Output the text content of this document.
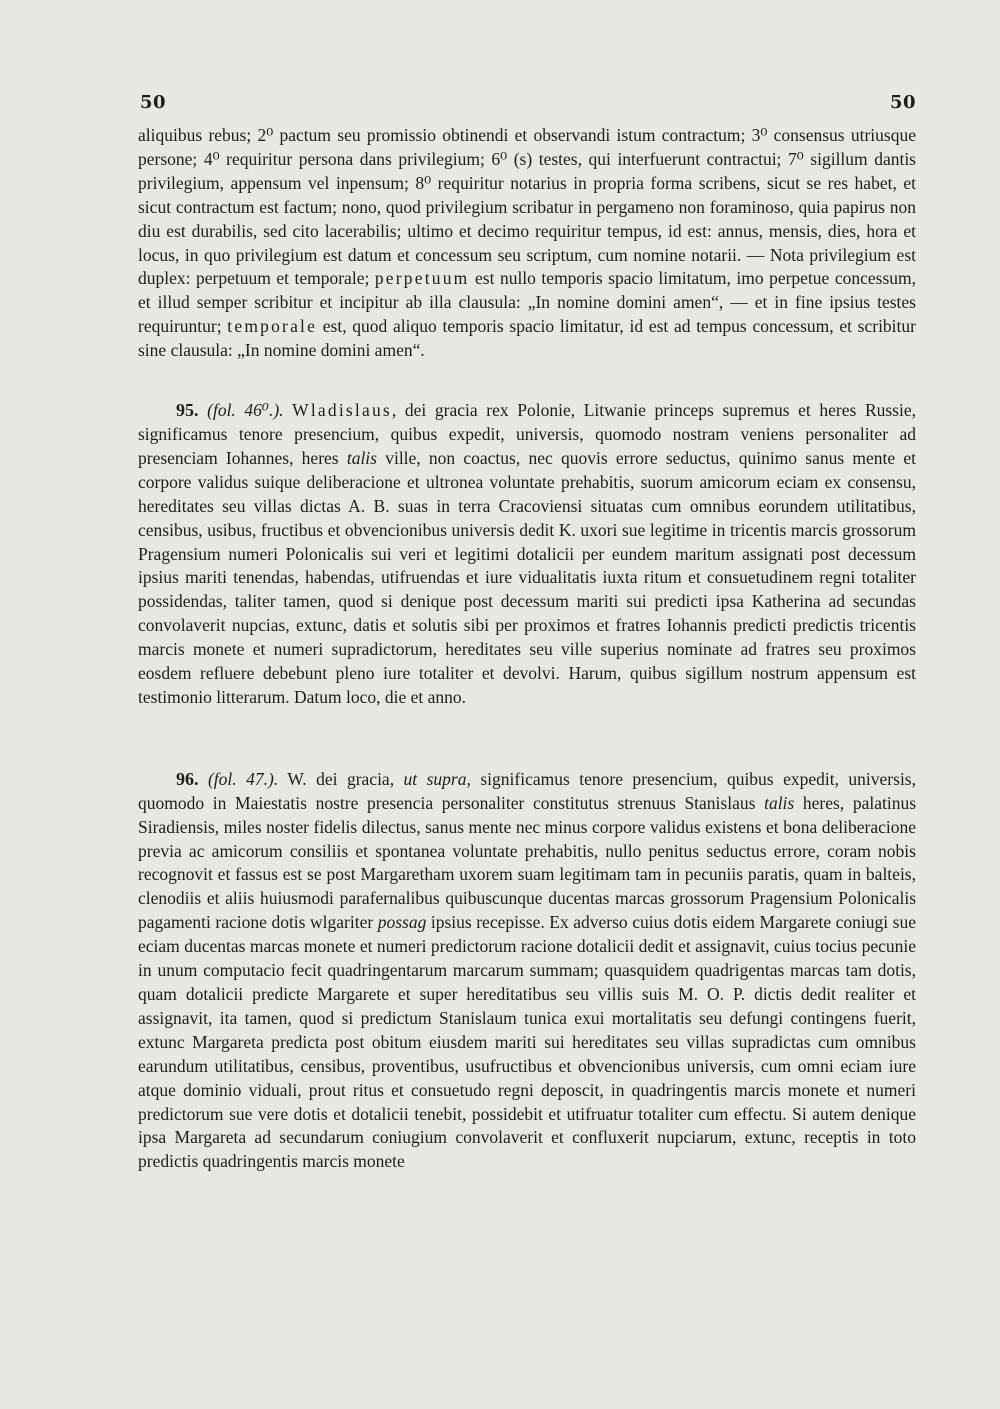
50	50

aliquibus rebus; 2⁰ pactum seu promissio obtinendi et observandi istum contractum; 3⁰ consensus utriusque persone; 4⁰ requiritur persona dans privilegium; 6⁰ (s) testes, qui interfuerunt contractui; 7⁰ sigillum dantis privilegium, appensum vel inpensum; 8⁰ requiritur notarius in propria forma scribens, sicut se res habet, et sicut contractum est factum; nono, quod privilegium scribatur in pergameno non foraminoso, quia papirus non diu est durabilis, sed cito lacerabilis; ultimo et decimo requiritur tempus, id est: annus, mensis, dies, hora et locus, in quo privilegium est datum et concessum seu scriptum, cum nomine notarii. — Nota privilegium est duplex: perpetuum et temporale; perpetuum est nullo temporis spacio limitatum, imo perpetue concessum, et illud semper scribitur et incipitur ab illa clausula: „In nomine domini amen“, — et in fine ipsius testes requiruntur; temporale est, quod aliquo temporis spacio limitatur, id est ad tempus concessum, et scribitur sine clausula: „In nomine domini amen“.

95. (fol. 46⁰.). Wladislaus, dei gracia rex Polonie, Litwanie princeps supremus et heres Russie, significamus tenore presencium, quibus expedit, universis, quomodo nostram veniens personaliter ad presenciam Iohannes, heres talis ville, non coactus, nec quovis errore seductus, quinimo sanus mente et corpore validus suique deliberacione et ultronea voluntate prehabitis, suorum amicorum eciam ex consensu, hereditates seu villas dictas A. B. suas in terra Cracoviensi situatas cum omnibus eorundem utilitatibus, censibus, usibus, fructibus et obvencionibus universis dedit K. uxori sue legitime in tricentis marcis grossorum Pragensium numeri Polonicalis sui veri et legitimi dotalicii per eundem maritum assignati post decessum ipsius mariti tenendas, habendas, utifruendas et iure vidualitatis iuxta ritum et consuetudinem regni totaliter possidendas, taliter tamen, quod si denique post decessum mariti sui predicti ipsa Katherina ad secundas convolaverit nupcias, extunc, datis et solutis sibi per proximos et fratres Iohannis predicti predictis tricentis marcis monete et numeri supradictorum, hereditates seu ville superius nominate ad fratres seu proximos eosdem refluere debebunt pleno iure totaliter et devolvi. Harum, quibus sigillum nostrum appensum est testimonio litterarum. Datum loco, die et anno.

96. (fol. 47.). W. dei gracia, ut supra, significamus tenore presencium, quibus expedit, universis, quomodo in Maiestatis nostre presencia personaliter constitutus strenuus Stanislaus talis heres, palatinus Siradiensis, miles noster fidelis dilectus, sanus mente nec minus corpore validus existens et bona deliberacione previa ac amicorum consiliis et spontanea voluntate prehabitis, nullo penitus seductus errore, coram nobis recognovit et fassus est se post Margaretham uxorem suam legitimam tam in pecuniis paratis, quam in balteis, clenodiis et aliis huiusmodi parafernalibus quibuscunque ducentas marcas grossorum Pragensium Polonicalis pagamenti racione dotis wlgariter possag ipsius recepisse. Ex adverso cuius dotis eidem Margarete coniugi sue eciam ducentas marcas monete et numeri predictorum racione dotalicii dedit et assignavit, cuius tocius pecunie in unum computacio fecit quadringentarum marcarum summam; quasquidem quadrigentas marcas tam dotis, quam dotalicii predicte Margarete et super hereditatibus seu villis suis M. O. P. dictis dedit realiter et assignavit, ita tamen, quod si predictum Stanislaum tunica exui mortalitatis seu defungi contingens fuerit, extunc Margareta predicta post obitum eiusdem mariti sui hereditates seu villas supradictas cum omnibus earundum utilitatibus, censibus, proventibus, usufructibus et obvencionibus universis, cum omni eciam iure atque dominio viduali, prout ritus et consuetudo regni deposcit, in quadringentis marcis monete et numeri predictorum sue vere dotis et dotalicii tenebit, possidebit et utifruatur totaliter cum effectu. Si autem denique ipsa Margareta ad secundarum coniugium convolaverit et confluxerit nupciarum, extunc, receptis in toto predictis quadringentis marcis monete
